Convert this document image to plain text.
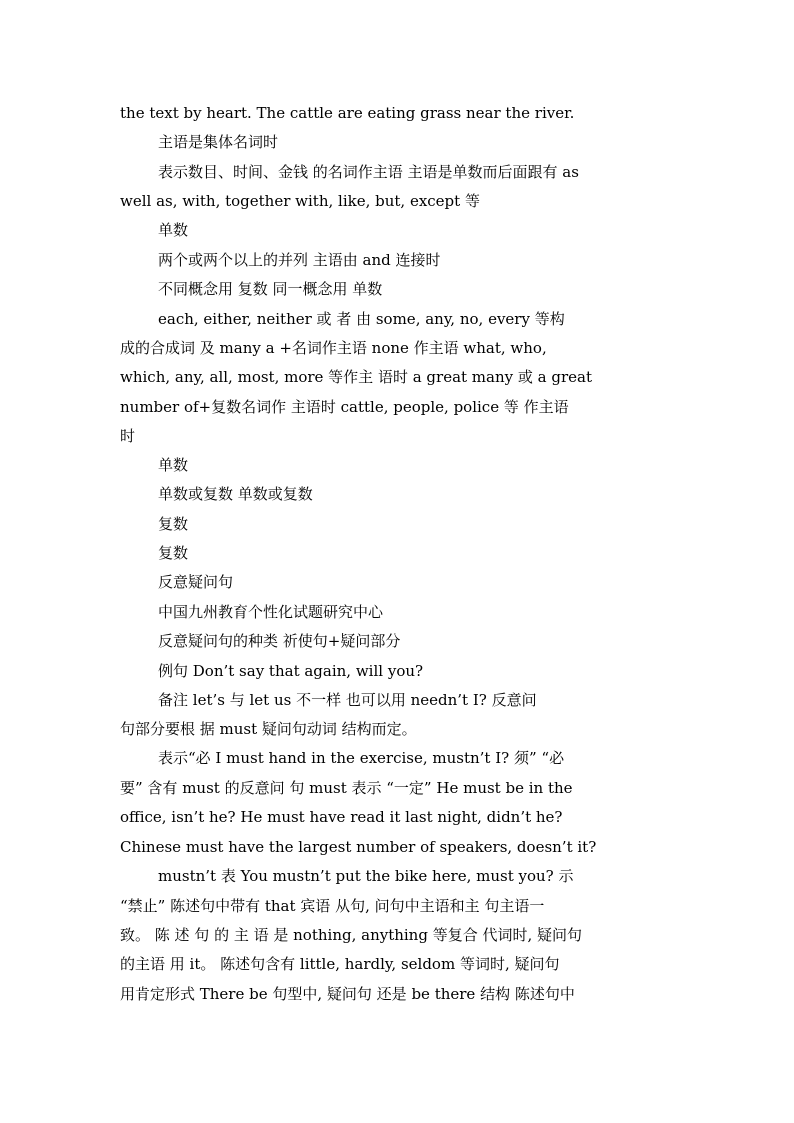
the text by heart. The cattle are eating grass near the river.
主语是集体名词时
表示数目、时间、金钱 的名词作主语 主语是单数而后面跟有 as
well as, with, together with, like, but, except 等
单数
两个或两个以上的并列 主语由 and 连接时
不同概念用 复数 同一概念用 单数
each, either, neither 或 者 由 some, any, no, every 等构
成的合成词 及 many a +名词作主语 none 作主语 what, who,
which, any, all, most, more 等作主 语时 a great many 或 a great
number of+复数名词作 主语时 cattle, people, police 等 作主语
时
单数
单数或复数 单数或复数
复数
复数
反意疑问句
中国九州教育个性化试题研究中心
反意疑问句的种类 祈使句+疑问部分
例句 Don’t say that again, will you?
备注 let’s 与 let us 不一样 也可以用 needn’t I? 反意问
句部分要根 据 must 疑问句动词 结构而定。
表示“必 I must hand in the exercise, mustn’t I? 须” “必
要” 含有 must 的反意问 句 must 表示 “一定” He must be in the
office, isn’t he? He must have read it last night, didn’t he?
Chinese must have the largest number of speakers, doesn’t it?
mustn’t 表 You mustn’t put the bike here, must you? 示
“禁止” 陈述句中带有 that 宾语 从句, 问句中主语和主 句主语一
致。 陈 述 句 的 主 语 是 nothing, anything 等复合 代词时, 疑问句
的主语 用 it。 陈述句含有 little, hardly, seldom 等词时, 疑问句
用肯定形式 There be 句型中, 疑问句 还是 be there 结构 陈述句中
